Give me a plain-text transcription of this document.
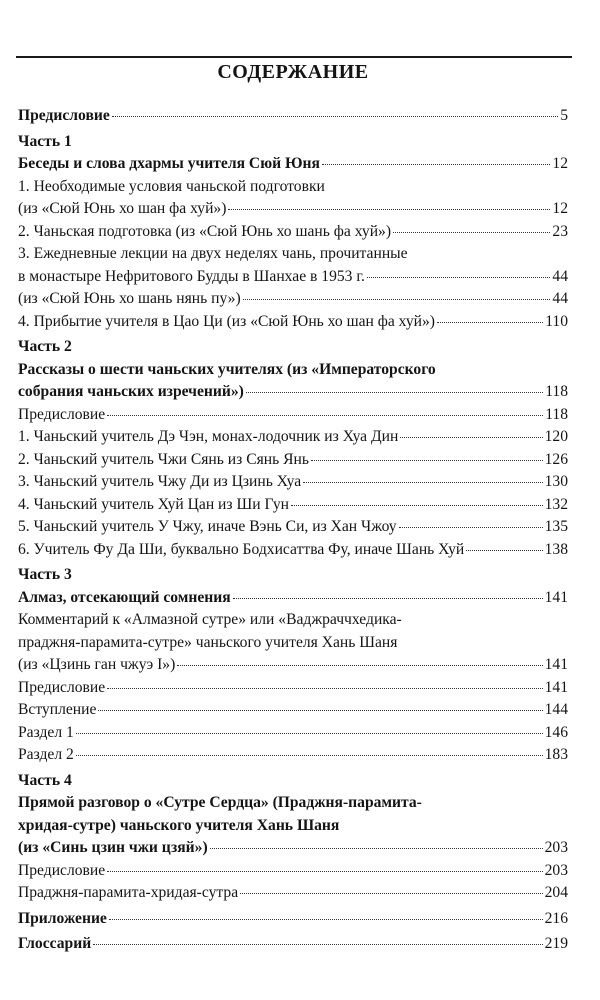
СОДЕРЖАНИЕ
Предисловие	5
Часть 1
Беседы и слова дхармы учителя Сюй Юня	12
1. Необходимые условия чаньской подготовки
(из «Сюй Юнь хо шан фа хуй»)	12
2. Чаньская подготовка (из «Сюй Юнь хо шань фа хуй»)	23
3. Ежедневные лекции на двух неделях чань, прочитанные
в монастыре Нефритового Будды в Шанхае в 1953 г.	44
(из «Сюй Юнь хо шань нянь пу»)	44
4. Прибытие учителя в Цао Ци (из «Сюй Юнь хо шан фа хуй»)	110
Часть 2
Рассказы о шести чаньских учителях (из «Императорского
собрания чаньских изречений»)	118
Предисловие	118
1. Чаньский учитель Дэ Чэн, монах-лодочник из Хуа Дин	120
2. Чаньский учитель Чжи Сянь из Сянь Янь	126
3. Чаньский учитель Чжу Ди из Цзинь Хуа	130
4. Чаньский учитель Хуй Цан из Ши Гун	132
5. Чаньский учитель У Чжу, иначе Вэнь Си, из Хан Чжоу	135
6. Учитель Фу Да Ши, буквально Бодхисаттва Фу, иначе Шань Хуй	138
Часть 3
Алмаз, отсекающий сомнения	141
Комментарий к «Алмазной сутре» или «Ваджраччхедика-
праджня-парамита-сутре» чаньского учителя Хань Шаня
(из «Цзинь ган чжуэ I»)	141
Предисловие	141
Вступление	144
Раздел 1	146
Раздел 2	183
Часть 4
Прямой разговор о «Сутре Сердца» (Праджня-парамита-
хридая-сутре) чаньского учителя Хань Шаня
(из «Синь цзин чжи цзяй»)	203
Предисловие	203
Праджня-парамита-хридая-сутра	204
Приложение	216
Глоссарий	219
